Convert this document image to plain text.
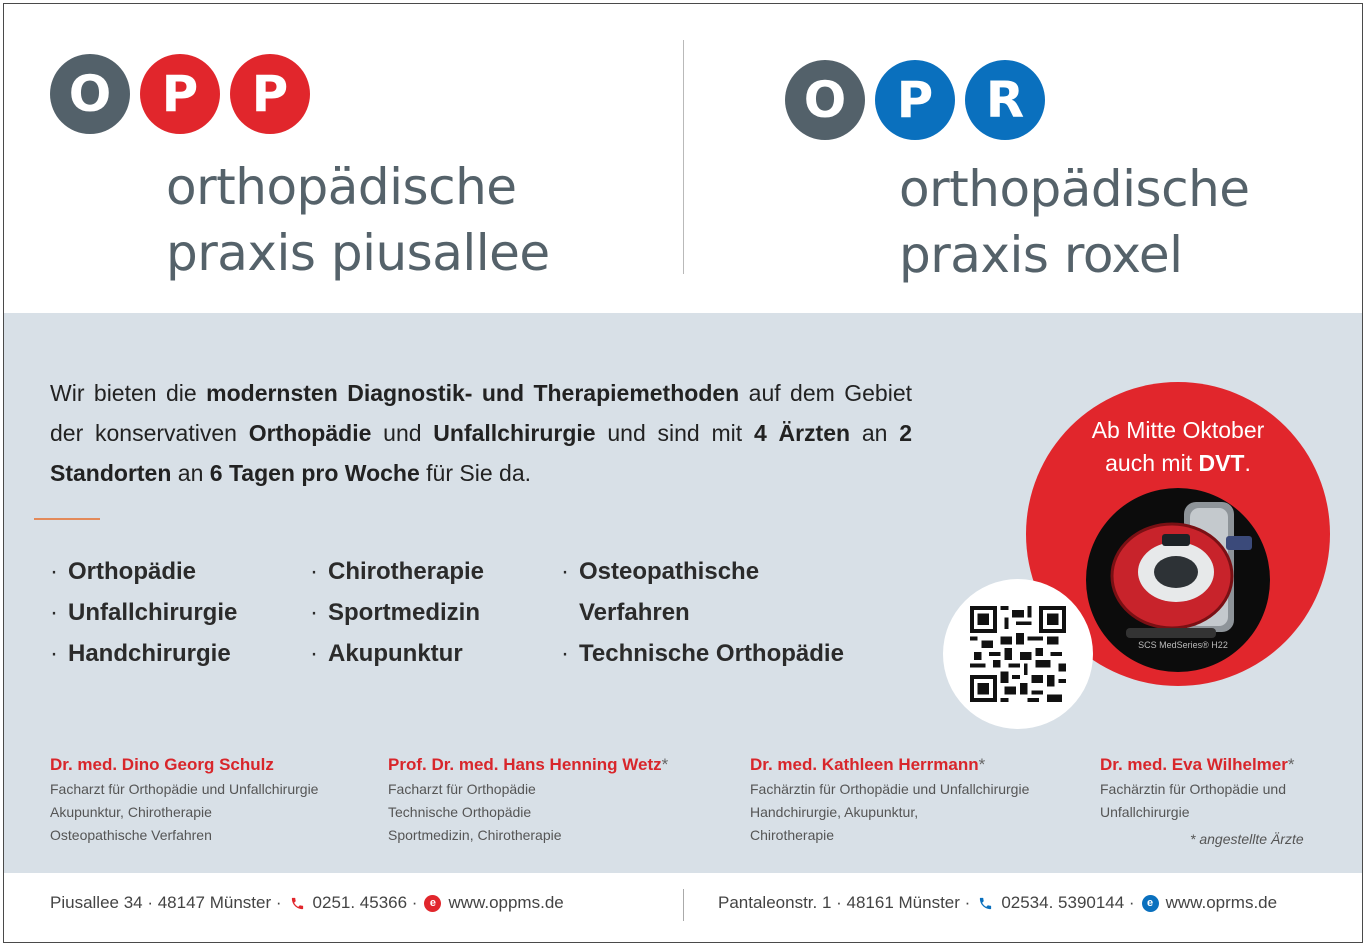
O	P	P
orthopädische
praxis piusallee
O	P	R
orthopädische
praxis roxel

Wir bieten die modernsten Diagnostik- und Therapiemethoden auf dem Gebiet der konservativen Orthopädie und Unfallchirurgie und sind mit 4 Ärzten an 2 Standorten an 6 Tagen pro Woche für Sie da.

· Orthopädie
· Unfallchirurgie
· Handchirurgie
· Chirotherapie
· Sportmedizin
· Akupunktur
· Osteopathische
Verfahren
· Technische Orthopädie
Ab Mitte Oktober
auch mit DVT.
SCS MedSeries® H22
Dr. med. Dino Georg Schulz
Facharzt für Orthopädie und Unfallchirurgie
Akupunktur, Chirotherapie
Osteopathische Verfahren
Prof. Dr. med. Hans Henning Wetz*
Facharzt für Orthopädie
Technische Orthopädie
Sportmedizin, Chirotherapie
Dr. med. Kathleen Herrmann*
Fachärztin für Orthopädie und Unfallchirurgie
Handchirurgie, Akupunktur,
Chirotherapie
Dr. med. Eva Wilhelmer*
Fachärztin für Orthopädie und
Unfallchirurgie
* angestellte Ärzte
Piusallee 34 · 48147 Münster · 0251. 45366 ·	e www.oppms.de	Pantaleonstr. 1 · 48161 Münster · 02534. 5390144 ·	e www.oprms.de
